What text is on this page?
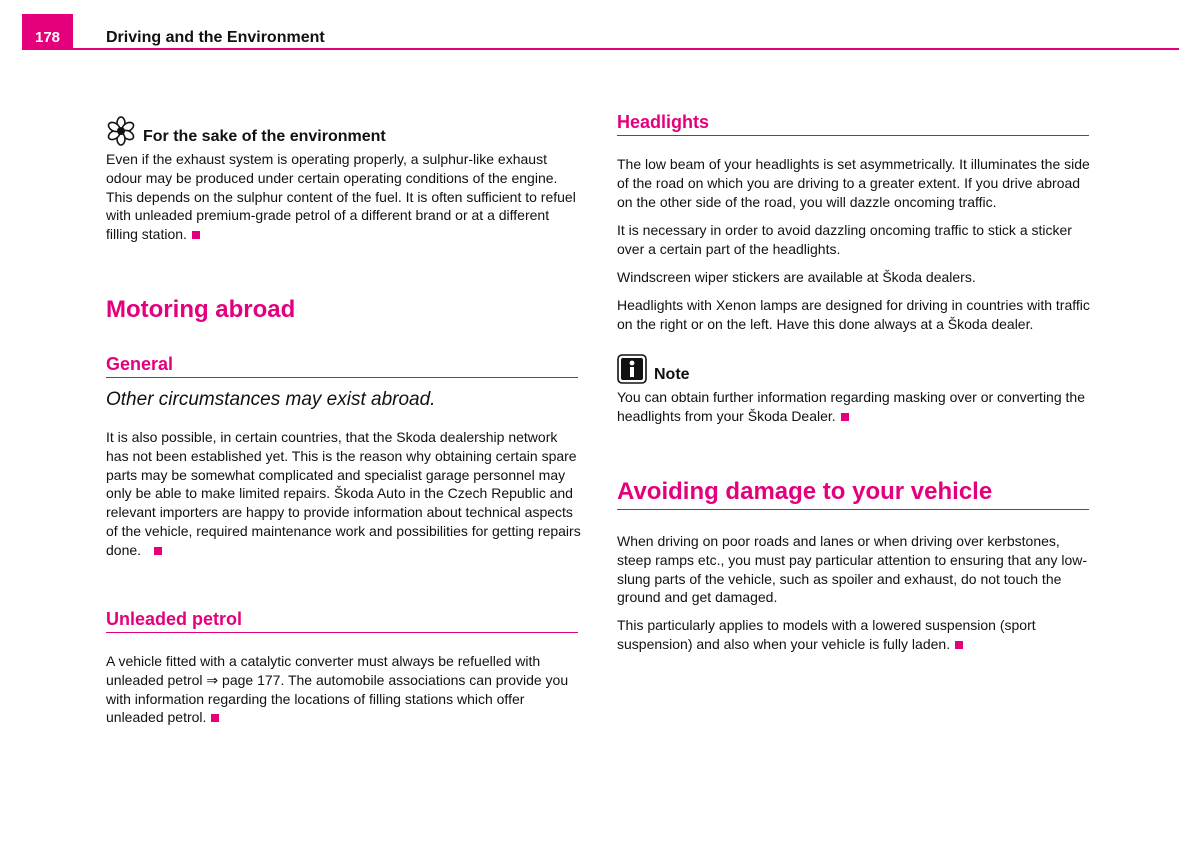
178	Driving and the Environment
For the sake of the environment

Even if the exhaust system is operating properly, a sulphur-like exhaust odour may be produced under certain operating conditions of the engine. This depends on the sulphur content of the fuel. It is often sufficient to refuel with unleaded premium-grade petrol of a different brand or at a different filling station.

Motoring abroad
General
Other circumstances may exist abroad.

It is also possible, in certain countries, that the Skoda dealership network has not been established yet. This is the reason why obtaining certain spare parts may be somewhat complicated and specialist garage personnel may only be able to make limited repairs. Škoda Auto in the Czech Republic and relevant importers are happy to provide information about technical aspects of the vehicle, required maintenance work and possibilities for getting repairs done.

Unleaded petrol

A vehicle fitted with a catalytic converter must always be refuelled with unleaded petrol ⇒ page 177. The automobile associations can provide you with information regarding the locations of filling stations which offer unleaded petrol.

Headlights

The low beam of your headlights is set asymmetrically. It illuminates the side of the road on which you are driving to a greater extent. If you drive abroad on the other side of the road, you will dazzle oncoming traffic.

It is necessary in order to avoid dazzling oncoming traffic to stick a sticker over a certain part of the headlights.

Windscreen wiper stickers are available at Škoda dealers.

Headlights with Xenon lamps are designed for driving in countries with traffic on the right or on the left. Have this done always at a Škoda dealer.

Note

You can obtain further information regarding masking over or converting the headlights from your Škoda Dealer.

Avoiding damage to your vehicle

When driving on poor roads and lanes or when driving over kerbstones, steep ramps etc., you must pay particular attention to ensuring that any low-slung parts of the vehicle, such as spoiler and exhaust, do not touch the ground and get damaged.

This particularly applies to models with a lowered suspension (sport suspension) and also when your vehicle is fully laden.
